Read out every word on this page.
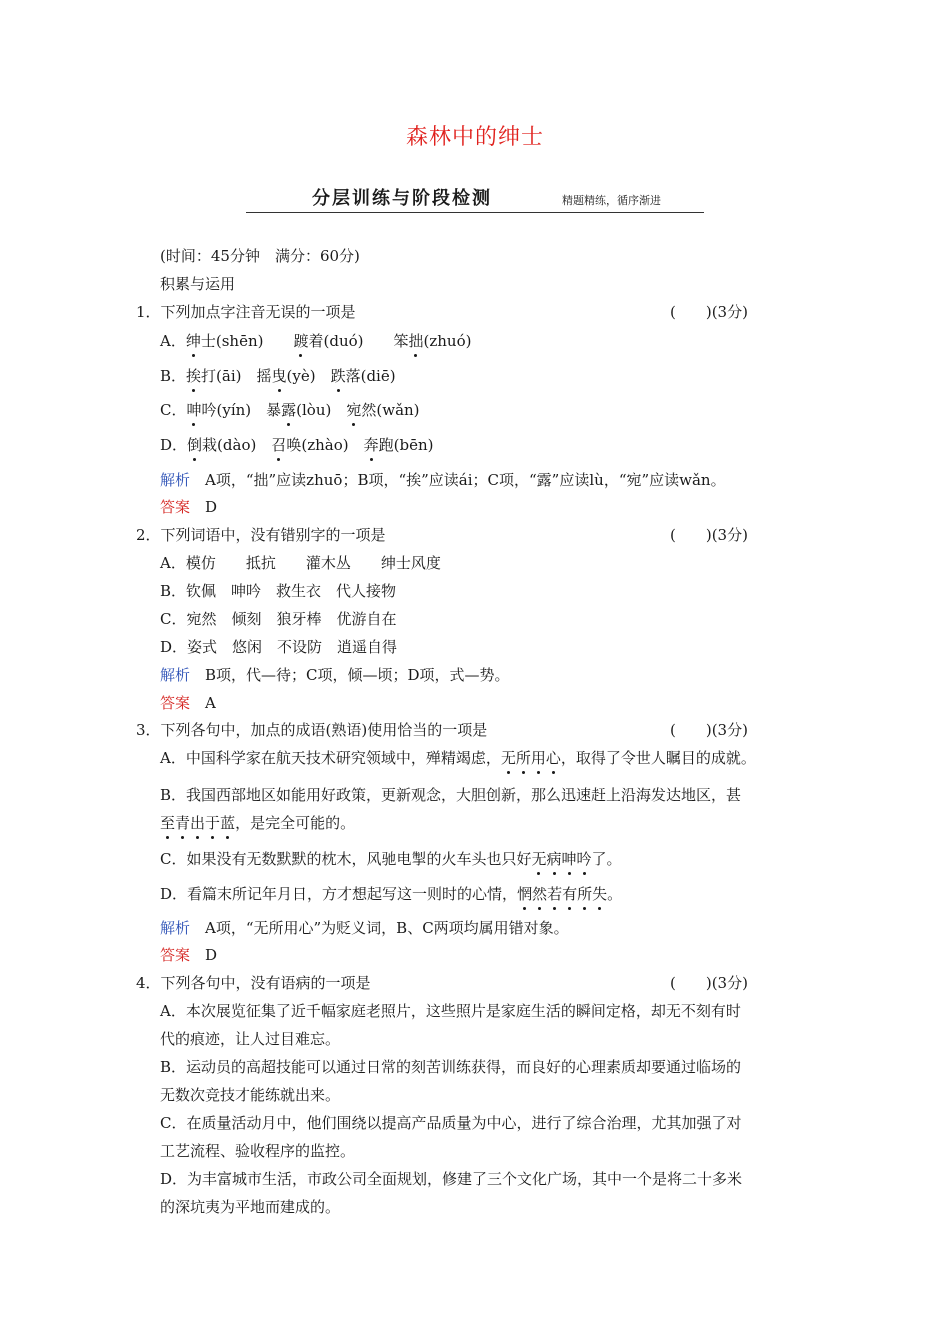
森林中的绅士
分层训练与阶段检测	精题精练，循序渐进
(时间：45分钟　满分：60分)
积累与运用
1．下列加点字注音无误的一项是	(　　)(3分)
A．绅士(shēn)　　踱着(duó)　　笨拙(zhuó)
B．挨打(āi)　摇曳(yè)　跌落(diē)
C．呻吟(yín)　暴露(lòu)　宛然(wǎn)
D．倒栽(dào)　召唤(zhào)　奔跑(bēn)
解析　A项，“拙”应读zhuō；B项，“挨”应读ái；C项，“露”应读lù，“宛”应读wǎn。
答案　D
2．下列词语中，没有错别字的一项是	(　　)(3分)
A．模仿　　抵抗　　灌木丛　　绅士风度
B．钦佩　呻吟　救生衣　代人接物
C．宛然　倾刻　狼牙棒　优游自在
D．姿式　悠闲　不设防　逍遥自得
解析　B项，代—待；C项，倾—顷；D项，式—势。
答案　A
3．下列各句中，加点的成语(熟语)使用恰当的一项是	(　　)(3分)
A．中国科学家在航天技术研究领域中，殚精竭虑，无所用心，取得了令世人瞩目的成就。
B．我国西部地区如能用好政策，更新观念，大胆创新，那么迅速赶上沿海发达地区，甚
至青出于蓝，是完全可能的。
C．如果没有无数默默的枕木，风驰电掣的火车头也只好无病呻吟了。
D．看篇末所记年月日，方才想起写这一则时的心情，惘然若有所失。
解析　A项，“无所用心”为贬义词，B、C两项均属用错对象。
答案　D
4．下列各句中，没有语病的一项是	(　　)(3分)
A．本次展览征集了近千幅家庭老照片，这些照片是家庭生活的瞬间定格，却无不刻有时
代的痕迹，让人过目难忘。
B．运动员的高超技能可以通过日常的刻苦训练获得，而良好的心理素质却要通过临场的
无数次竞技才能练就出来。
C．在质量活动月中，他们围绕以提高产品质量为中心，进行了综合治理，尤其加强了对
工艺流程、验收程序的监控。
D．为丰富城市生活，市政公司全面规划，修建了三个文化广场，其中一个是将二十多米
的深坑夷为平地而建成的。
